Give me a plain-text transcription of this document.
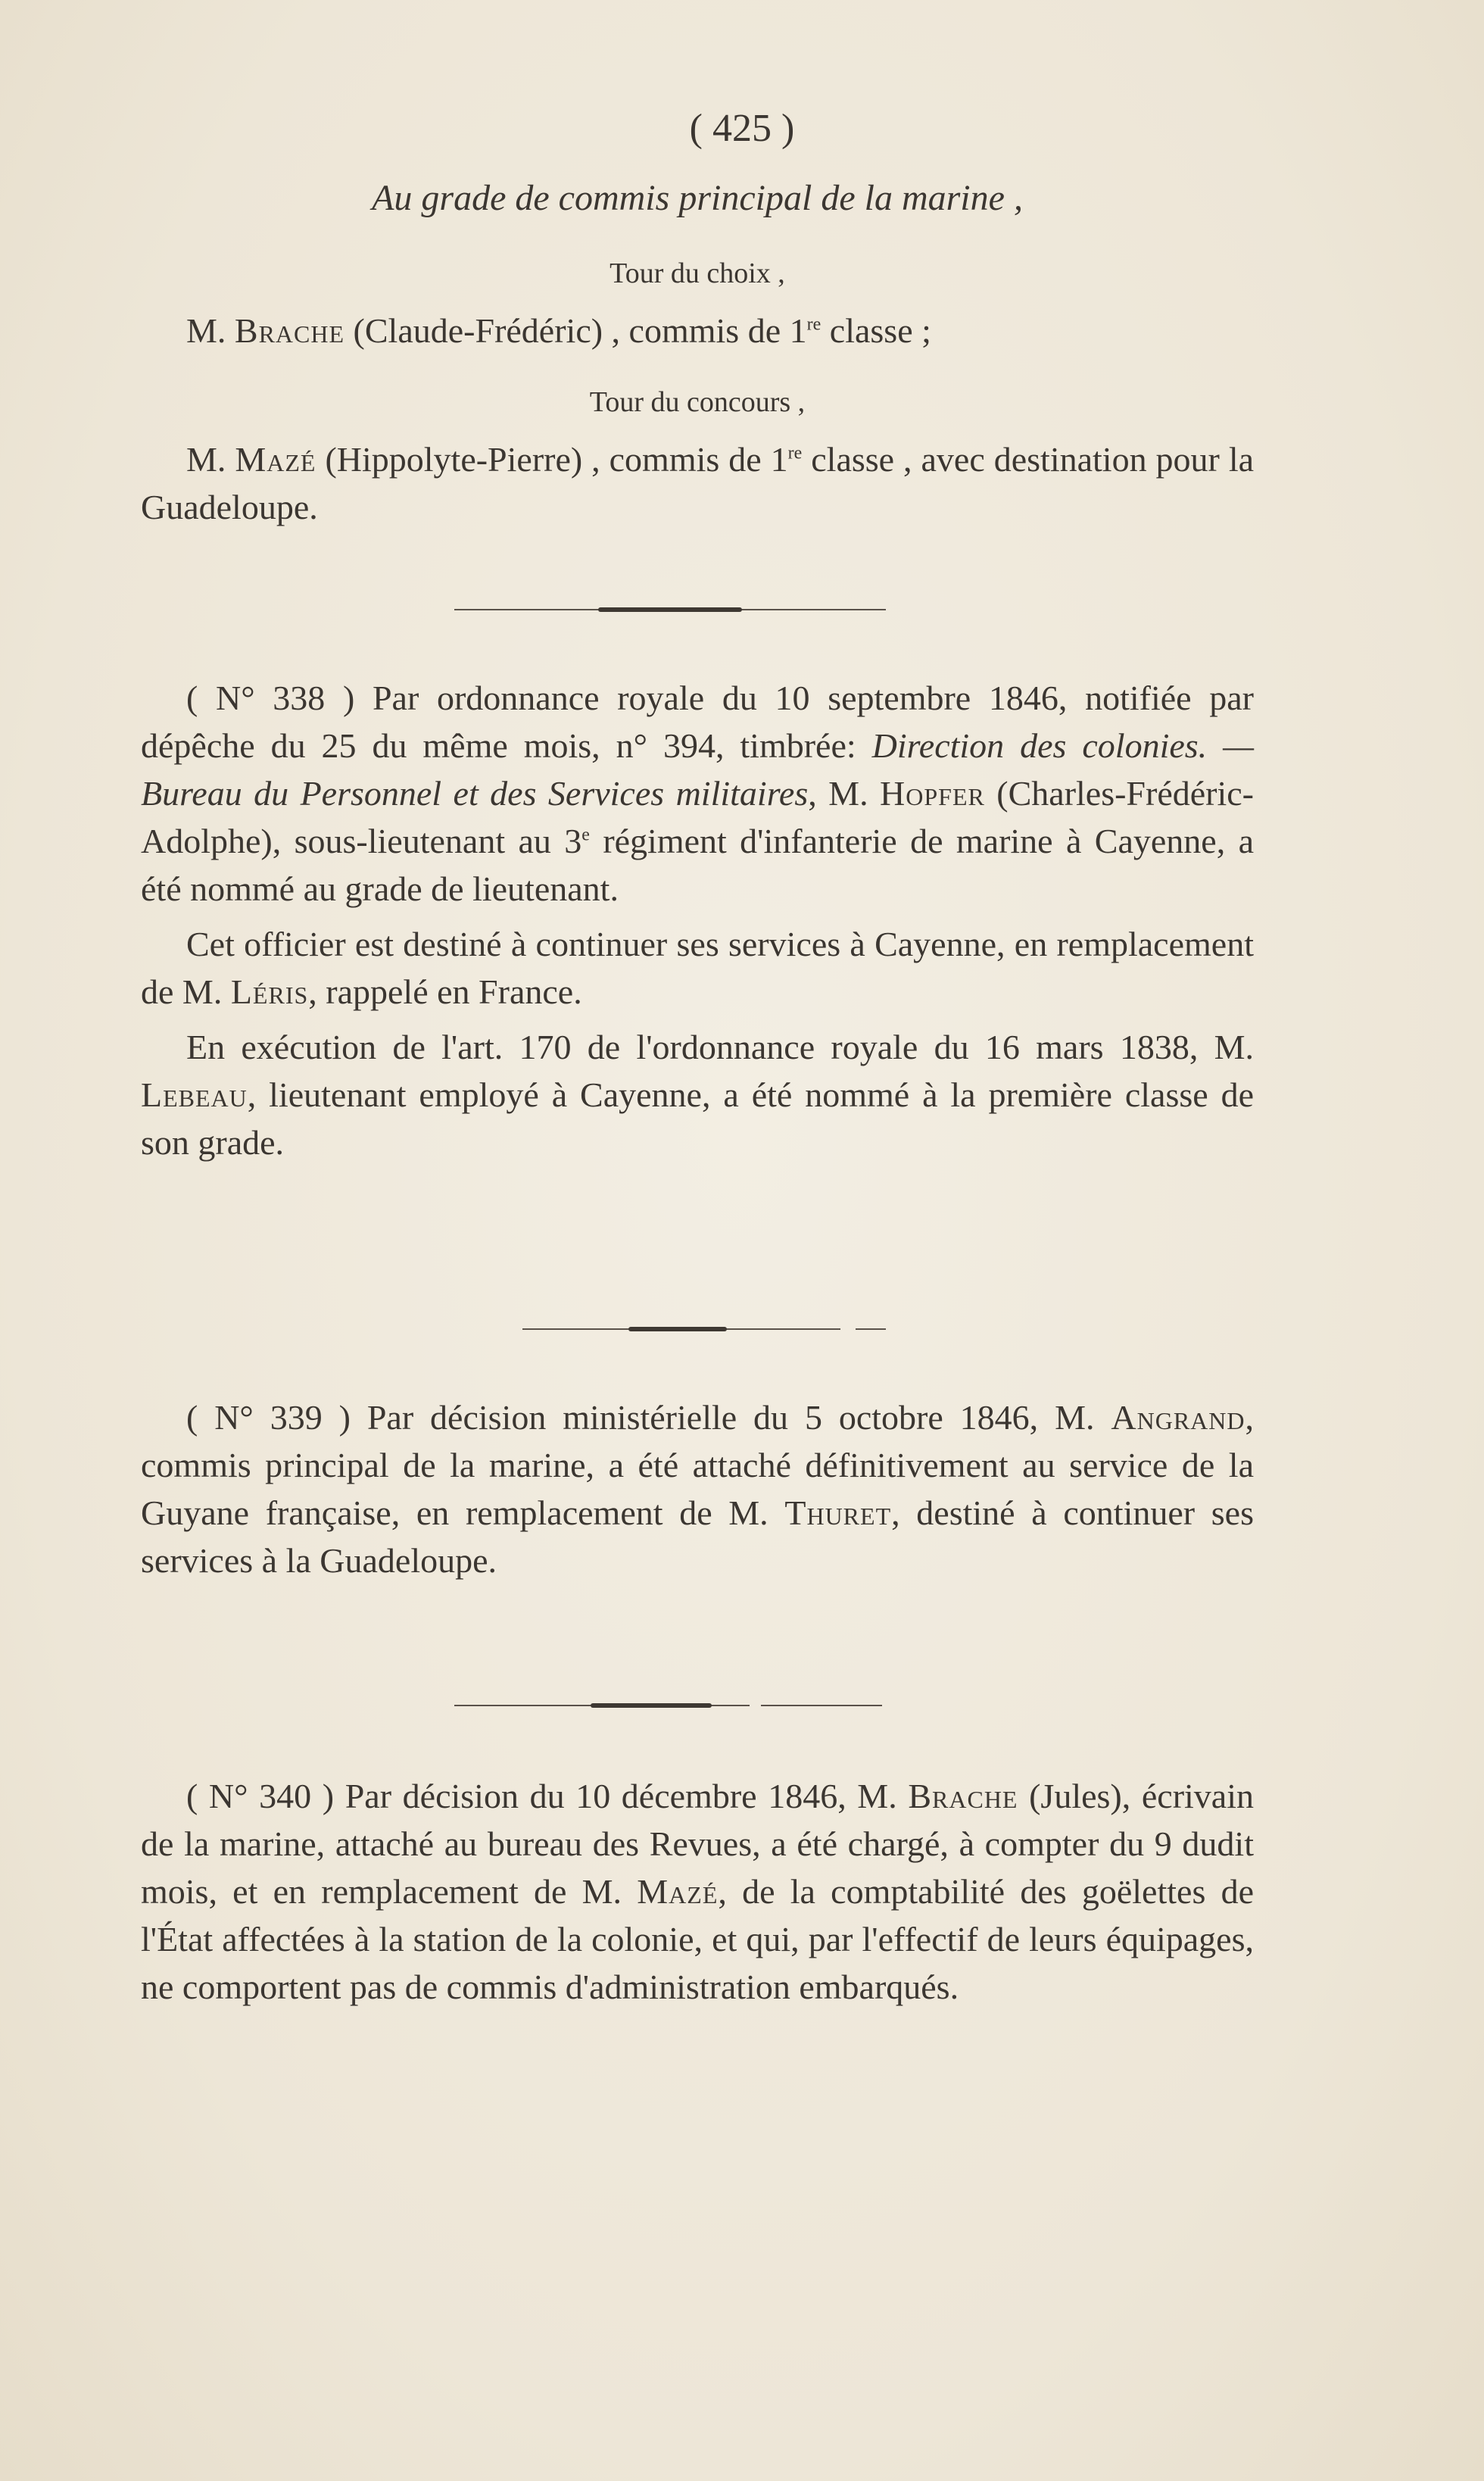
( 425 )
Au grade de commis principal de la marine ,
Tour du choix ,
M. Brache (Claude-Frédéric) , commis de 1re classe ;
Tour du concours ,
M. Mazé (Hippolyte-Pierre) , commis de 1re classe , avec destination pour la Guadeloupe.

( N° 338 ) Par ordonnance royale du 10 septembre 1846, notifiée par dépêche du 25 du même mois, n° 394, timbrée: Direction des colonies. — Bureau du Personnel et des Services militaires, M. Hopfer (Charles-Frédéric-Adolphe), sous-lieutenant au 3e régiment d'infanterie de marine à Cayenne, a été nommé au grade de lieutenant.

Cet officier est destiné à continuer ses services à Cayenne, en remplacement de M. Léris, rappelé en France.

En exécution de l'art. 170 de l'ordonnance royale du 16 mars 1838, M. Lebeau, lieutenant employé à Cayenne, a été nommé à la première classe de son grade.

( N° 339 ) Par décision ministérielle du 5 octobre 1846, M. Angrand, commis principal de la marine, a été attaché définitivement au service de la Guyane française, en remplacement de M. Thuret, destiné à continuer ses services à la Guadeloupe.

( N° 340 ) Par décision du 10 décembre 1846, M. Brache (Jules), écrivain de la marine, attaché au bureau des Revues, a été chargé, à compter du 9 dudit mois, et en remplacement de M. Mazé, de la comptabilité des goëlettes de l'État affectées à la station de la colonie, et qui, par l'effectif de leurs équipages, ne comportent pas de commis d'administration embarqués.
